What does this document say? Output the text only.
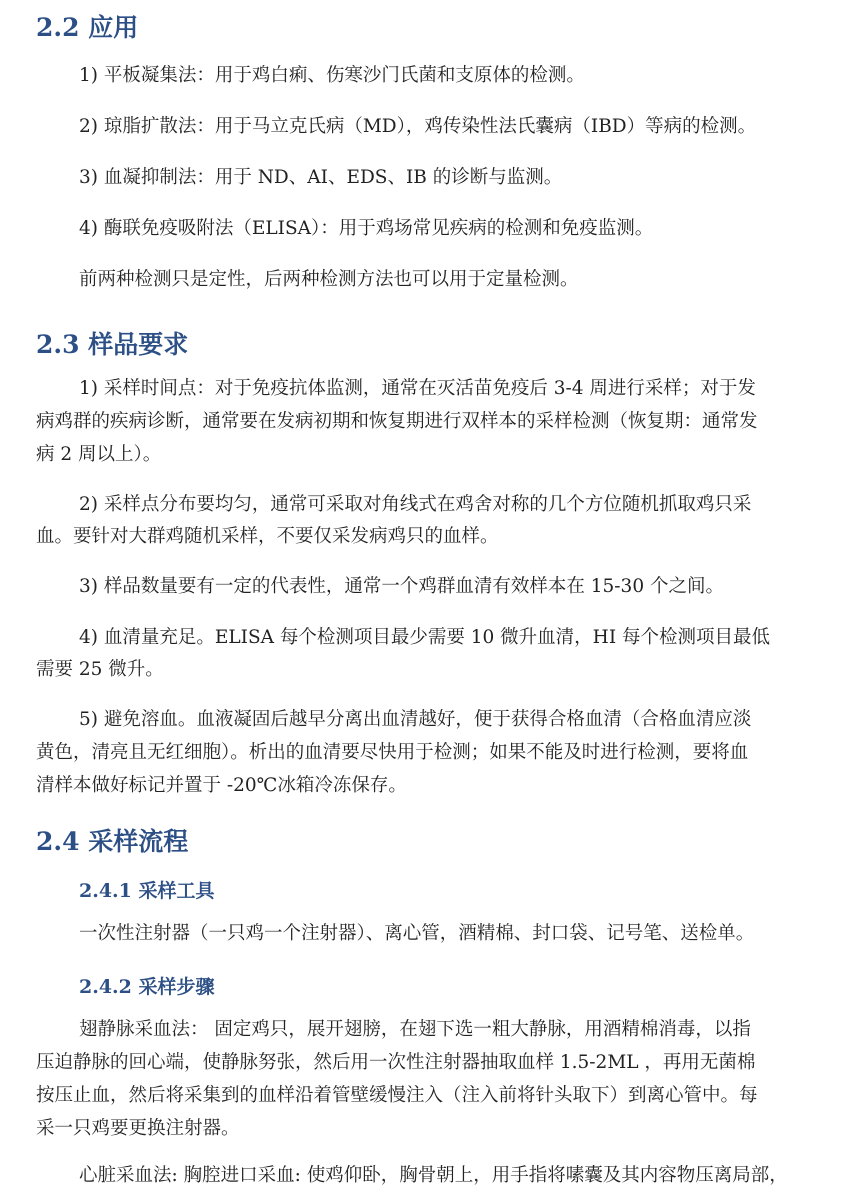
2.2 应用

1) 平板凝集法：用于鸡白痢、伤寒沙门氏菌和支原体的检测。

2) 琼脂扩散法：用于马立克氏病（MD），鸡传染性法氏囊病（IBD）等病的检测。

3) 血凝抑制法：用于 ND、AI、EDS、IB 的诊断与监测。

4) 酶联免疫吸附法（ELISA）：用于鸡场常见疾病的检测和免疫监测。

前两种检测只是定性，后两种检测方法也可以用于定量检测。

2.3 样品要求

1) 采样时间点：对于免疫抗体监测，通常在灭活苗免疫后 3-4 周进行采样；对于发

病鸡群的疾病诊断，通常要在发病初期和恢复期进行双样本的采样检测（恢复期：通常发

病 2 周以上）。

2) 采样点分布要均匀，通常可采取对角线式在鸡舍对称的几个方位随机抓取鸡只采

血。要针对大群鸡随机采样，不要仅采发病鸡只的血样。

3) 样品数量要有一定的代表性，通常一个鸡群血清有效样本在 15-30 个之间。

4) 血清量充足。ELISA 每个检测项目最少需要 10 微升血清，HI 每个检测项目最低

需要 25 微升。

5) 避免溶血。血液凝固后越早分离出血清越好，便于获得合格血清（合格血清应淡

黄色，清亮且无红细胞）。析出的血清要尽快用于检测；如果不能及时进行检测，要将血

清样本做好标记并置于 -20℃冰箱冷冻保存。

2.4 采样流程
2.4.1 采样工具

一次性注射器（一只鸡一个注射器）、离心管，酒精棉、封口袋、记号笔、送检单。

2.4.2 采样步骤

翅静脉采血法： 固定鸡只，展开翅膀，在翅下选一粗大静脉，用酒精棉消毒，以指

压迫静脉的回心端，使静脉努张，然后用一次性注射器抽取血样 1.5-2ML ，再用无菌棉

按压止血，然后将采集到的血样沿着管壁缓慢注入（注入前将针头取下）到离心管中。每

采一只鸡要更换注射器。

心脏采血法: 胸腔进口采血: 使鸡仰卧，胸骨朝上，用手指将嗉囊及其内容物压离局部，
